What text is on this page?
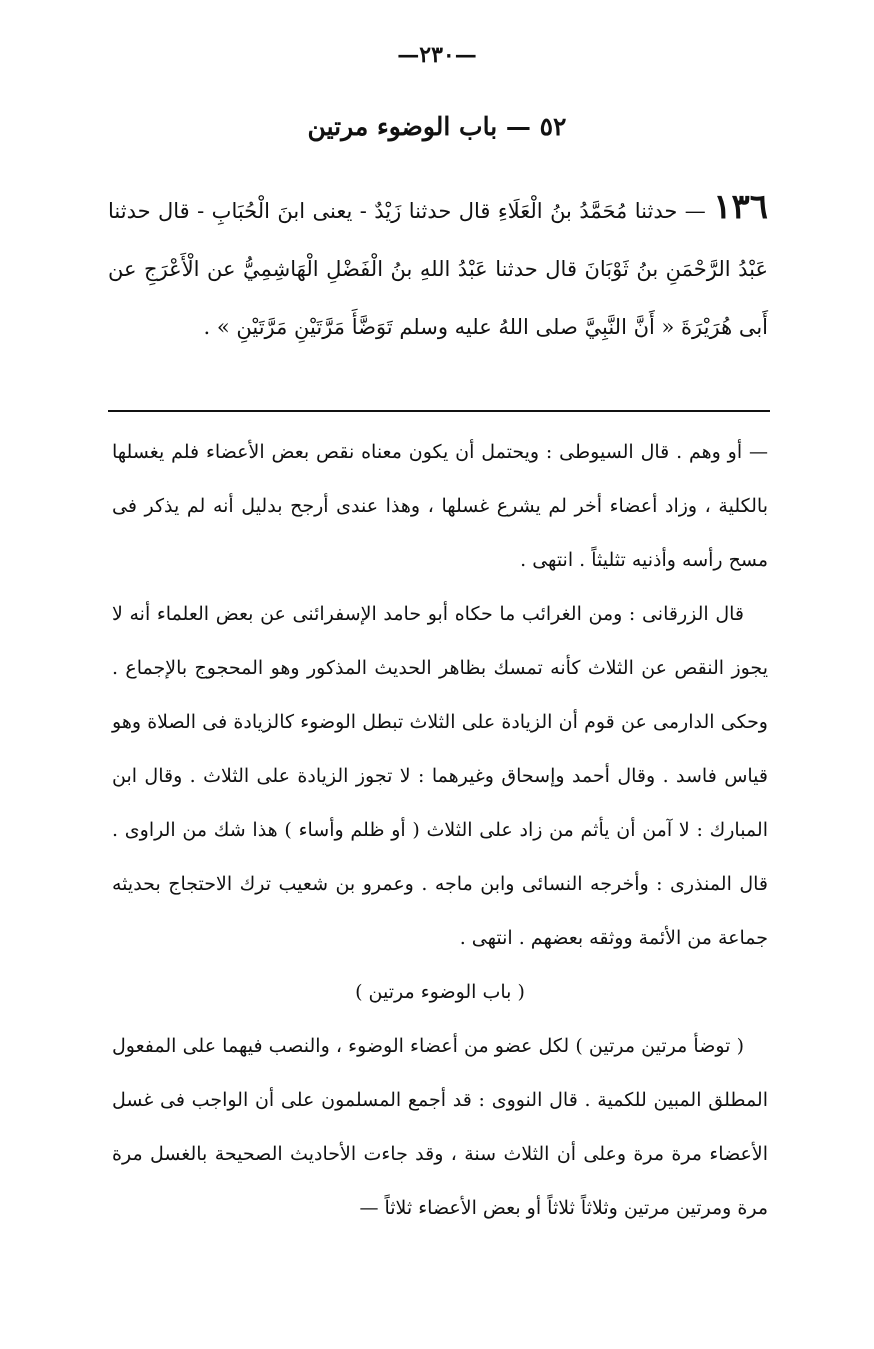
—٢٣٠—
٥٢ — باب الوضوء مرتين
١٣٦ — حدثنا مُحَمَّدُ بنُ الْعَلَاءِ قال حدثنا زَيْدٌ - يعنى ابنَ الْحُبَابِ - قال حدثنا عَبْدُ الرَّحْمَنِ بنُ ثَوْبَانَ قال حدثنا عَبْدُ اللهِ بنُ الْفَضْلِ الْهَاشِمِيُّ عن الْأَعْرَجِ عن أَبى هُرَيْرَةَ « أَنَّ النَّبِيَّ صلى اللهُ عليه وسلم تَوَضَّأَ مَرَّتَيْنِ مَرَّتَيْنِ » .

— أو وهم . قال السيوطى : ويحتمل أن يكون معناه نقص بعض الأعضاء فلم يغسلها بالكلية ، وزاد أعضاء أخر لم يشرع غسلها ، وهذا عندى أرجح بدليل أنه لم يذكر فى مسح رأسه وأذنيه تثليثاً . انتهى .

قال الزرقانى : ومن الغرائب ما حكاه أبو حامد الإسفرائنى عن بعض العلماء أنه لا يجوز النقص عن الثلاث كأنه تمسك بظاهر الحديث المذكور وهو المحجوج بالإجماع . وحكى الدارمى عن قوم أن الزيادة على الثلاث تبطل الوضوء كالزيادة فى الصلاة وهو قياس فاسد . وقال أحمد وإسحاق وغيرهما : لا تجوز الزيادة على الثلاث . وقال ابن المبارك : لا آمن أن يأثم من زاد على الثلاث ( أو ظلم وأساء ) هذا شك من الراوى . قال المنذرى : وأخرجه النسائى وابن ماجه . وعمرو بن شعيب ترك الاحتجاج بحديثه جماعة من الأئمة ووثقه بعضهم . انتهى .

( باب الوضوء مرتين )

( توضأ مرتين مرتين ) لكل عضو من أعضاء الوضوء ، والنصب فيهما على المفعول المطلق المبين للكمية . قال النووى : قد أجمع المسلمون على أن الواجب فى غسل الأعضاء مرة مرة وعلى أن الثلاث سنة ، وقد جاءت الأحاديث الصحيحة بالغسل مرة مرة ومرتين مرتين وثلاثاً ثلاثاً أو بعض الأعضاء ثلاثاً —
